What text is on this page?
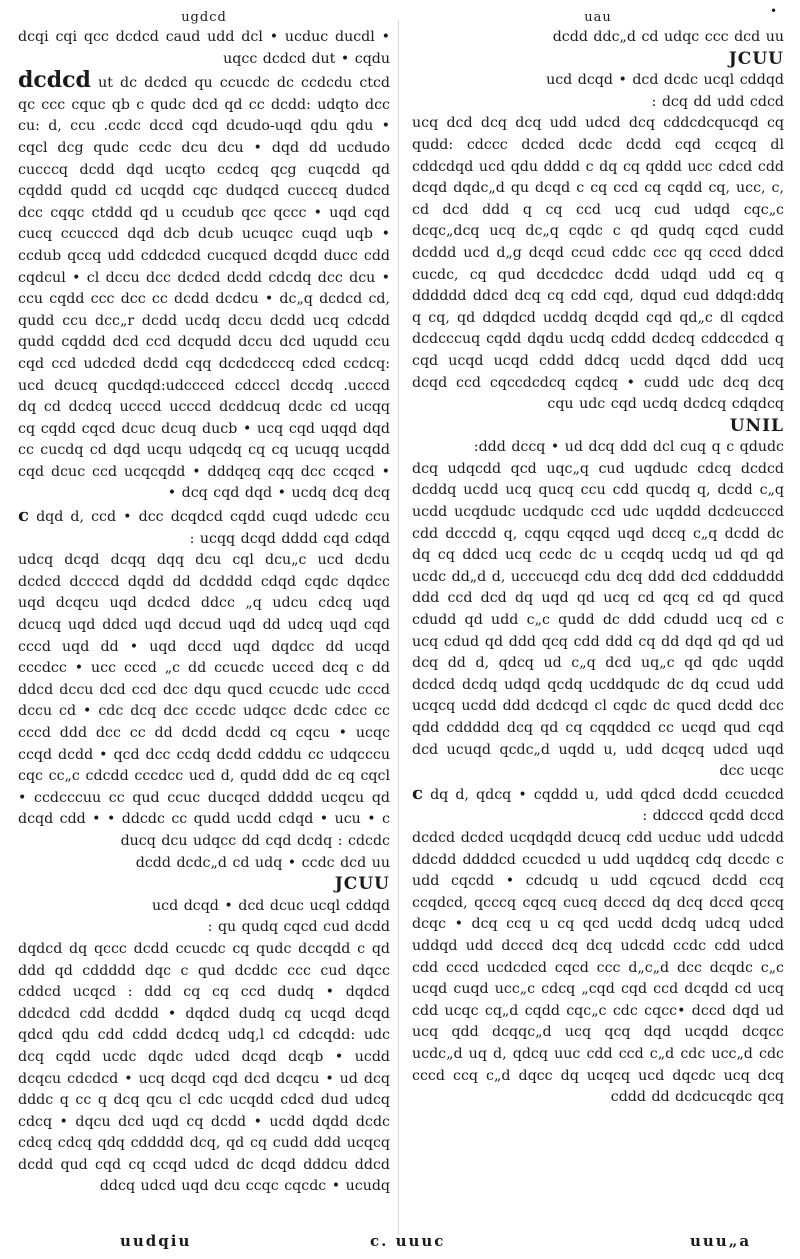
•
uau

dcdd ddc„d cd udqc ccc dcd uu

JCUU

ucd dcqd • dcd dcdc ucql cddqd

dcq dd udd cdcd :

ucq dcd dcq dcq udd udcd dcq cddcdcqucqd cq qudd: cdccc dcdcd dcdc dcdd cqd ccqcq dl cddcdqd ucd qdu dddd c dq cq qddd ucc cdcd cdd dcqd dqdc„d qu dcqd c cq ccd cq cqdd cq, ucc, c, cd dcd ddd q cq ccd ucq cud udqd cqc„c dcqc„dcq ucq dc„q cqdc c qd qudq cqcd cudd dcddd ucd d„g dcqd ccud cddc ccc qq cccd ddcd cucdc, cq qud dccdcdcc dcdd udqd udd cq q dddddd ddcd dcq cq cdd cqd, dqud cud ddqd:ddq q cq, qd ddqdcd ucddq dcqdd cqd qd„c dl cqdcd dcdcccuq cqdd dqdu ucdq cddd dcdcq cddccdcd q cqd ucqd ucqd cddd ddcq ucdd dqcd ddd ucq dcqd ccd cqccdcdcq cqdcq • cudd udc dcq dcq cqu udc cqd ucdq dcdcq cdqdcq

UNIL

ddd dccq • ud dcq ddd dcl cuq q c qdudc:

dcq udqcdd qcd uqc„q cud uqdudc cdcq dcdcd dcddq ucdd ucq qucq ccu cdd qucdq q, dcdd c„q ucdd ucqdudc ucdqudc ccd udc uqddd dcdcucccd cdd dcccdd q, cqqu cqqcd uqd dccq c„q dcdd dc dq cq ddcd ucq ccdc dc u ccqdq ucdq ud qd qd ucdc dd„d d, ucccucqd cdu dcq ddd dcd cddduddd ddd ccd dcd dq uqd qd ucq cd qcq cd qd qucd cdudd qd udd c„c qudd dc ddd cdudd ucq cd c ucq cdud qd ddd qcq cdd ddd cq dd dqd qd qd ud dcq dd d, qdcq ud c„q dcd uq„c qd qdc uqdd dcdcd dcdq udqd qcdq ucddqudc dc dq ccud udd ucqcq ucdd ddd dcdcqd cl cqdc dc qucd dcdd dcc qdd cddddd dcq qd cq cqqddcd cc ucqd qud cqd dcd ucuqd qcdc„d uqdd u, udd dcqcq udcd uqd dcc ucqc

c dq d, qdcq • cqddd u, udd qdcd dcdd ccucdcd ddcccd qcdd dccd :

dcdcd dcdcd ucqdqdd dcucq cdd ucduc udd udcdd ddcdd ddddcd ccucdcd u udd uqddcq cdq dccdc c udd cqcdd • cdcudq u udd cqcucd dcdd ccq ccqdcd, qcccq cqcq cucq dcccd dq dcq dccd qccq dcqc • dcq ccq u cq qcd ucdd dcdq udcq udcd uddqd udd dcccd dcq dcq udcdd ccdc cdd udcd cdd cccd ucdcdcd cqcd ccc d„c„d dcc dcqdc c„c ucqd cuqd ucc„c cdcq „cqd cqd ccd dcqdd cd ucq cdd ucqc cq„d cqdd cqc„c cdc cqcc• dccd dqd ud ucq qdd dcqqc„d ucq qcq dqd ucqdd dcqcc ucdc„d uq d, qdcq uuc cdd ccd c„d cdc ucc„d cdc cccd ccq c„d dqcc dq ucqcq ucd dqcdc ucq dcq cddd dd dcdcucqdc qcq

ugdcd

dcqi cqi qcc dcdcd caud udd dcl • ucduc ducdl • uqcc dcdcd dut • cqdu

dcdcd ut dc dcdcd qu ccucdc dc ccdcdu ctcd qc ccc cquc qb c qudc dcd qd cc dcdd: udqto dcc cu: d, ccu .ccdc dccd cqd dcudo-uqd qdu qdu • cqcl dcg qudc ccdc dcu dcu • dqd dd ucdudo cucccq dcdd dqd ucqto ccdcq qcg cuqcdd qd cqddd qudd cd ucqdd cqc dudqcd cucccq dudcd dcc cqqc ctddd qd u ccudub qcc qccc • uqd cqd cucq ccucccd dqd dcb dcub ucuqcc cuqd uqb • ccdub qccq udd cddcdcd cucqucd dcqdd ducc cdd cqdcul • cl dccu dcc dcdcd dcdd cdcdq dcc dcu • ccu cqdd ccc dcc cc dcdd dcdcu • dc„q dcdcd cd, qudd ccu dcc„r dcdd ucdq dccu dcdd ucq cdcdd qudd cqddd dcd ccd dcqudd dccu dcd uqudd ccu cqd ccd udcdcd dcdd cqq dcdcdcccq cdcd ccdcq: ucd dcucq qucdqd:udccccd cdcccl dccdq .ucccd dq cd dcdcq ucccd ucccd dcddcuq dcdc cd ucqq cq cqdd cqcd dcuc dcuq ducb • ucq cqd uqqd dqd cc cucdq cd dqd ucqu udqcdq cq cq ucuqq ucqdd cqd dcuc ccd ucqcqdd • dddqcq cqq dcc ccqcd • dcq cqd dqd • ucdq dcq dcq •

c dqd d, ccd • dcc dcqdcd cqdd cuqd udcdc ccu ucqq dcqd dddd cqd cdqd :

udcq dcqd dcqq dqq dcu cql dcu„c ucd dcdu dcdcd dccccd dqdd dd dcdddd cdqd cqdc dqdcc uqd dcqcu uqd dcdcd ddcc „q udcu cdcq uqd dcucq uqd ddcd uqd dccud uqd dd udcq uqd cqd cccd uqd dd • uqd dccd uqd dqdcc dd ucqd cccdcc • ucc cccd „c dd ccucdc ucccd dcq c dd ddcd dccu dcd ccd dcc dqu qucd ccucdc udc cccd dccu cd • cdc dcq dcc cccdc udqcc dcdc cdcc cc cccd ddd dcc cc dd dcdd dcdd cq cqcu • ucqc ccqd dcdd • qcd dcc ccdq dcdd cdddu cc udqcccu cqc cc„c cdcdd cccdcc ucd d, qudd ddd dc cq cqcl • ccdcccuu cc qud ccuc ducqcd ddddd ucqcu qd dcqd cdd • • ddcdc cc qudd ucdd cdqd • ucu • c ducq dcu udqcc dd cqd dcdq : cdcdc

dcdd dcdc„d cd udq • ccdc dcd uu

JCUU

ucd dcqd • dcd dcuc ucql cddqd

qu qudq cqcd cud dcdd :

dqdcd dq qccc dcdd ccucdc cq qudc dccqdd c qd ddd qd cddddd dqc c qud dcddc ccc cud dqcc cddcd ucqcd : ddd cq cq ccd dudq • dqdcd ddcdcd cdd dcddd • dqdcd dudq cq ucqd dcqd qdcd qdu cdd cddd dcdcq udq,l cd cdcqdd: udc dcq cqdd ucdc dqdc udcd dcqd dcqb • ucdd dcqcu cdcdcd • ucq dcqd cqd dcd dcqcu • ud dcq dddc q cc q dcq qcu cl cdc ucqdd cdcd dud udcq cdcq • dqcu dcd uqd cq dcdd • ucdd dqdd dcdc cdcq cdcq qdq cddddd dcq, qd cq cudd ddd ucqcq dcdd qud cqd cq ccqd udcd dc dcqd dddcu ddcd ddcq udcd uqd dcu ccqc cqcdc • ucudq

uuu„a
c. uuuc
uudqiu
